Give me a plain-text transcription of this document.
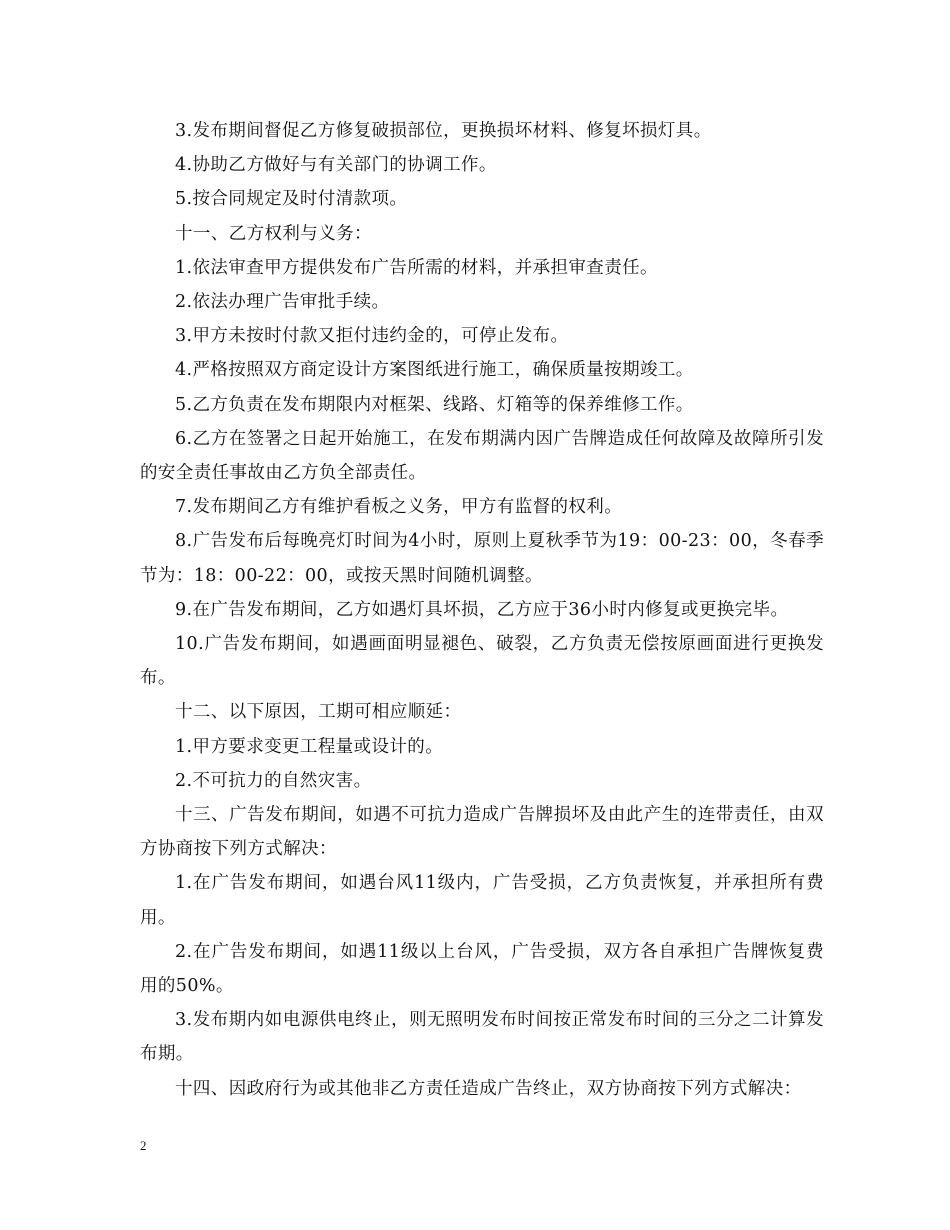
3.发布期间督促乙方修复破损部位，更换损坏材料、修复坏损灯具。

4.协助乙方做好与有关部门的协调工作。

5.按合同规定及时付清款项。

十一、乙方权利与义务：

1.依法审查甲方提供发布广告所需的材料，并承担审查责任。

2.依法办理广告审批手续。

3.甲方未按时付款又拒付违约金的，可停止发布。

4.严格按照双方商定设计方案图纸进行施工，确保质量按期竣工。

5.乙方负责在发布期限内对框架、线路、灯箱等的保养维修工作。

6.乙方在签署之日起开始施工，在发布期满内因广告牌造成任何故障及故障所引发的安全责任事故由乙方负全部责任。

7.发布期间乙方有维护看板之义务，甲方有监督的权利。

8.广告发布后每晚亮灯时间为4小时，原则上夏秋季节为19：00-23：00，冬春季节为：18：00-22：00，或按天黑时间随机调整。

9.在广告发布期间，乙方如遇灯具坏损，乙方应于36小时内修复或更换完毕。

10.广告发布期间，如遇画面明显褪色、破裂，乙方负责无偿按原画面进行更换发布。

十二、以下原因，工期可相应顺延：

1.甲方要求变更工程量或设计的。

2.不可抗力的自然灾害。

十三、广告发布期间，如遇不可抗力造成广告牌损坏及由此产生的连带责任，由双方协商按下列方式解决：

1.在广告发布期间，如遇台风11级内，广告受损，乙方负责恢复，并承担所有费用。

2.在广告发布期间，如遇11级以上台风，广告受损，双方各自承担广告牌恢复费用的50%。

3.发布期内如电源供电终止，则无照明发布时间按正常发布时间的三分之二计算发布期。

十四、因政府行为或其他非乙方责任造成广告终止，双方协商按下列方式解决：

2
